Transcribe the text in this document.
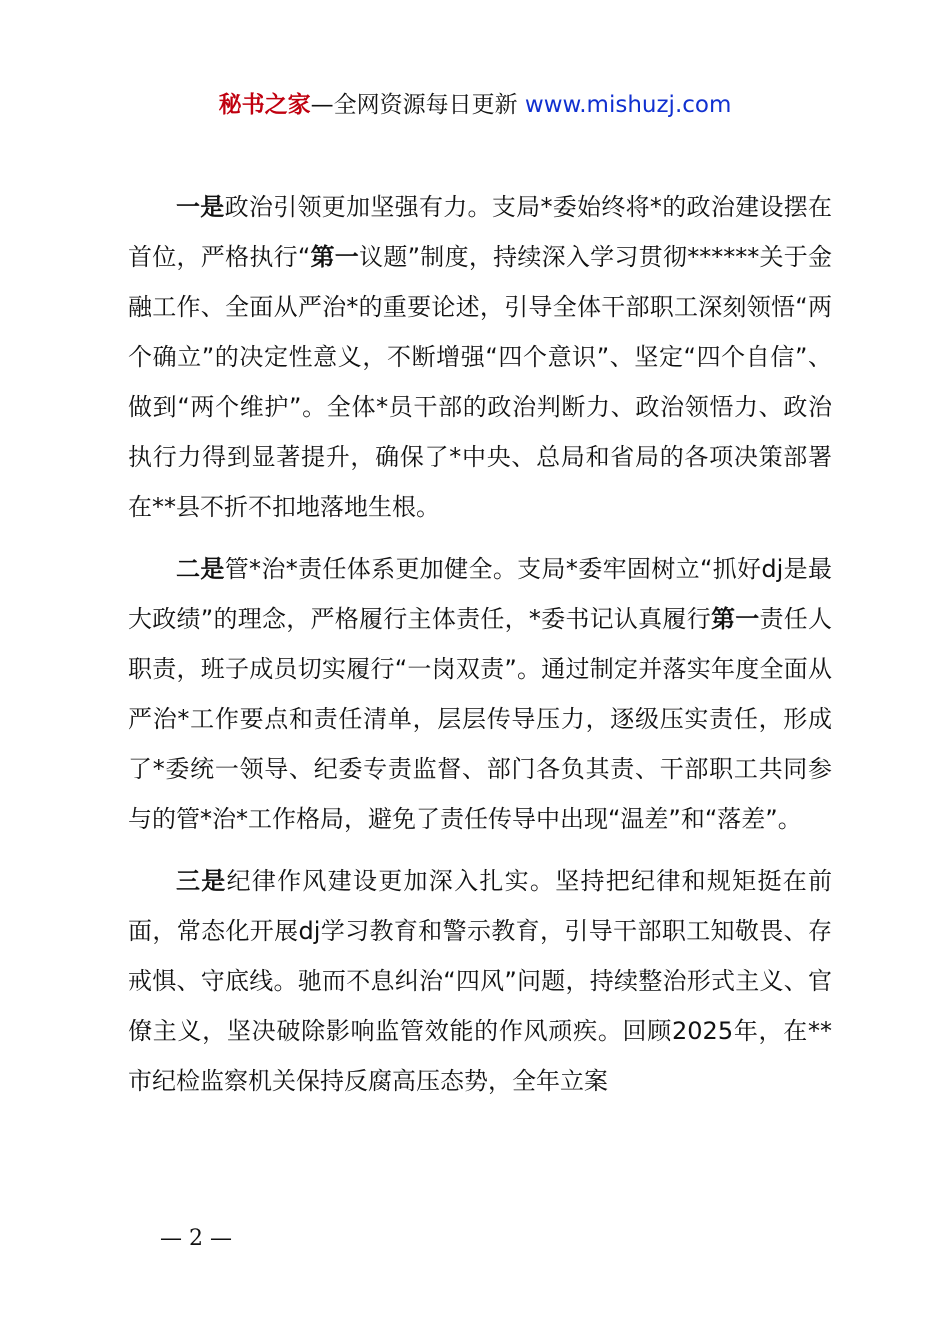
秘书之家—全网资源每日更新 www.mishuzj.com

一是政治引领更加坚强有力。支局*委始终将*的政治建设摆在首位，严格执行“第一议题”制度，持续深入学习贯彻******关于金融工作、全面从严治*的重要论述，引导全体干部职工深刻领悟“两个确立”的决定性意义，不断增强“四个意识”、坚定“四个自信”、做到“两个维护”。全体*员干部的政治判断力、政治领悟力、政治执行力得到显著提升，确保了*中央、总局和省局的各项决策部署在**县不折不扣地落地生根。

二是管*治*责任体系更加健全。支局*委牢固树立“抓好dj是最大政绩”的理念，严格履行主体责任，*委书记认真履行第一责任人职责，班子成员切实履行“一岗双责”。通过制定并落实年度全面从严治*工作要点和责任清单，层层传导压力，逐级压实责任，形成了*委统一领导、纪委专责监督、部门各负其责、干部职工共同参与的管*治*工作格局，避免了责任传导中出现“温差”和“落差”。

三是纪律作风建设更加深入扎实。坚持把纪律和规矩挺在前面，常态化开展dj学习教育和警示教育，引导干部职工知敬畏、存戒惧、守底线。驰而不息纠治“四风”问题，持续整治形式主义、官僚主义，坚决破除影响监管效能的作风顽疾。回顾2025年，在**市纪检监察机关保持反腐高压态势，全年立案

— 2 —
